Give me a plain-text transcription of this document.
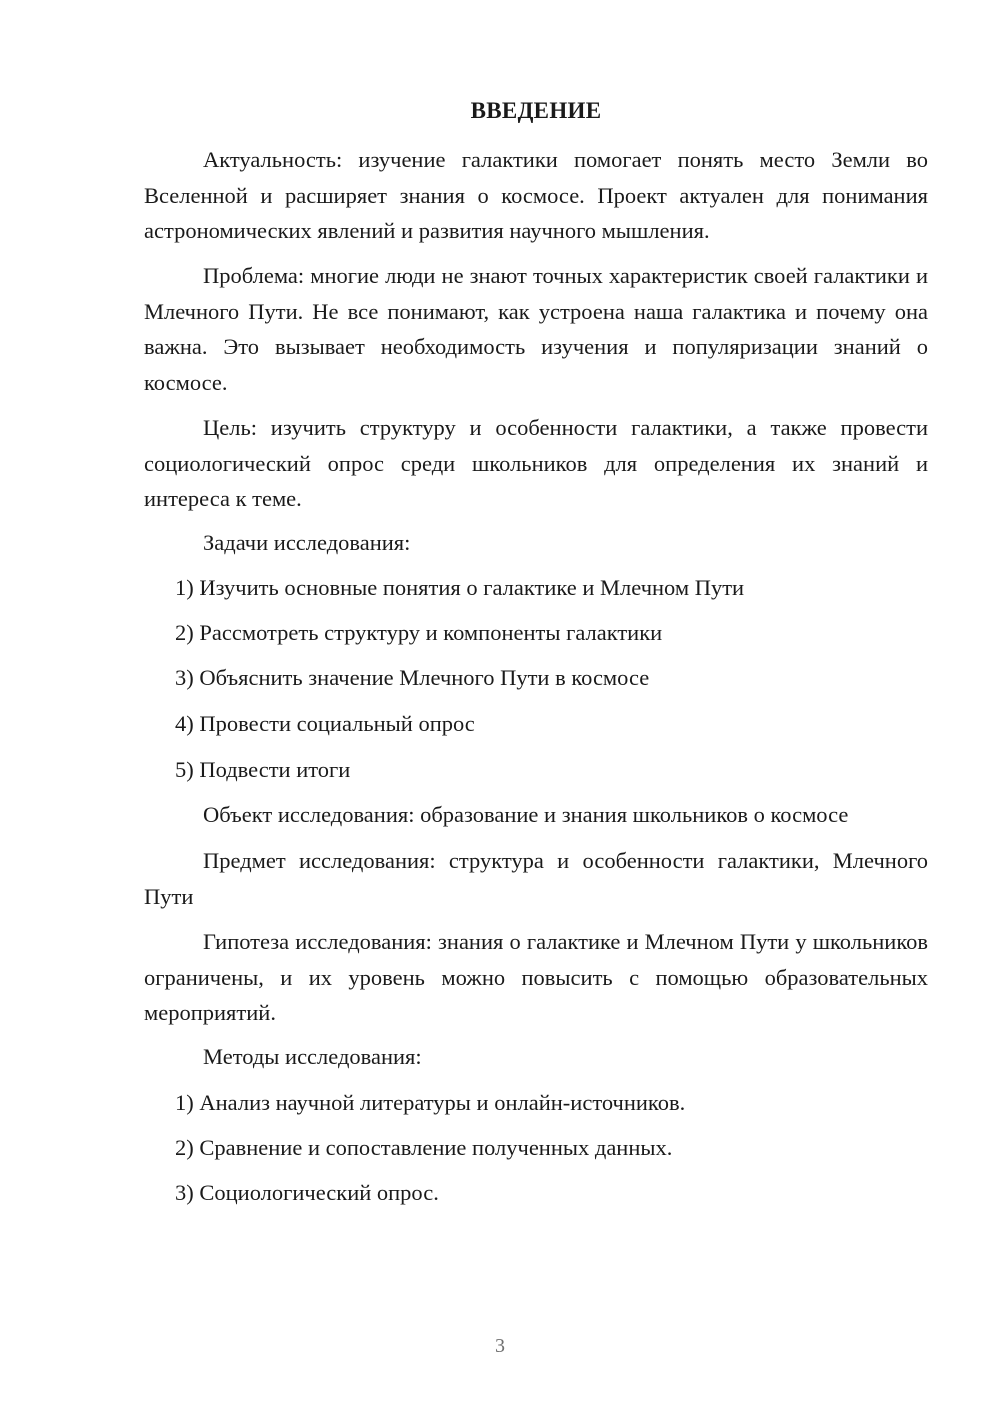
ВВЕДЕНИЕ

Актуальность: изучение галактики помогает понять место Земли во Вселенной и расширяет знания о космосе. Проект актуален для понимания астрономических явлений и развития научного мышления.

Проблема: многие люди не знают точных характеристик своей галактики и Млечного Пути. Не все понимают, как устроена наша галактика и почему она важна. Это вызывает необходимость изучения и популяризации знаний о космосе.

Цель: изучить структуру и особенности галактики, а также провести социологический опрос среди школьников для определения их знаний и интереса к теме.

Задачи исследования:

1) Изучить основные понятия о галактике и Млечном Пути

2) Рассмотреть структуру и компоненты галактики

3) Объяснить значение Млечного Пути в космосе

4) Провести социальный опрос

5) Подвести итоги

Объект исследования: образование и знания школьников о космосе

Предмет исследования: структура и особенности галактики, Млечного Пути

Гипотеза исследования: знания о галактике и Млечном Пути у школьников ограничены, и их уровень можно повысить с помощью образовательных мероприятий.

Методы исследования:

1) Анализ научной литературы и онлайн-источников.

2) Сравнение и сопоставление полученных данных.

3) Социологический опрос.

3
